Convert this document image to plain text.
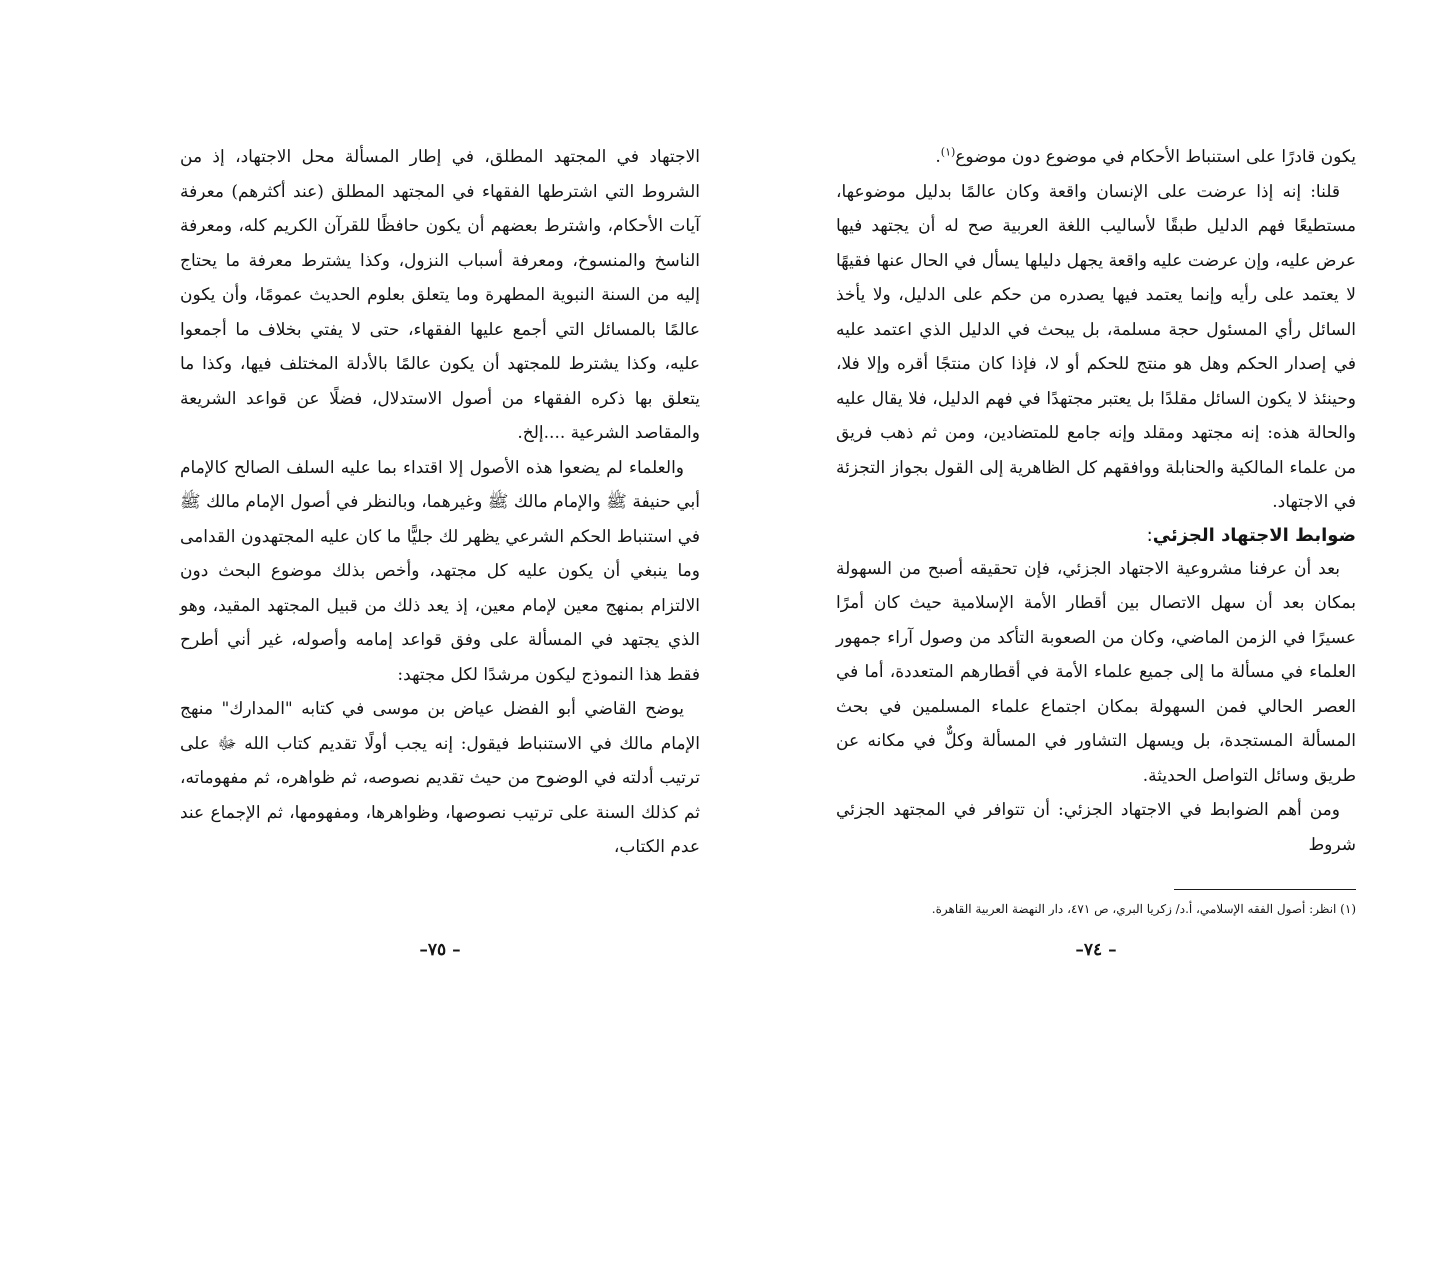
يكون قادرًا على استنباط الأحكام في موضوع دون موضوع$^{(١)}$.

قلنا: إنه إذا عرضت على الإنسان واقعة وكان عالمًا بدليل موضوعها، مستطيعًا فهم الدليل طبقًا لأساليب اللغة العربية صح له أن يجتهد فيها عرض عليه، وإن عرضت عليه واقعة يجهل دليلها يسأل في الحال عنها فقيهًا لا يعتمد على رأيه وإنما يعتمد فيها يصدره من حكم على الدليل، ولا يأخذ السائل رأي المسئول حجة مسلمة، بل يبحث في الدليل الذي اعتمد عليه في إصدار الحكم وهل هو منتج للحكم أو لا، فإذا كان منتجًا أقره وإلا فلا، وحينئذ لا يكون السائل مقلدًا بل يعتبر مجتهدًا في فهم الدليل، فلا يقال عليه والحالة هذه: إنه مجتهد ومقلد وإنه جامع للمتضادين، ومن ثم ذهب فريق من علماء المالكية والحنابلة ووافقهم كل الظاهرية إلى القول بجواز التجزئة في الاجتهاد.

ضوابط الاجتهاد الجزئي:

بعد أن عرفنا مشروعية الاجتهاد الجزئي، فإن تحقيقه أصبح من السهولة بمكان بعد أن سهل الاتصال بين أقطار الأمة الإسلامية حيث كان أمرًا عسيرًا في الزمن الماضي، وكان من الصعوبة التأكد من وصول آراء جمهور العلماء في مسألة ما إلى جميع علماء الأمة في أقطارهم المتعددة، أما في العصر الحالي فمن السهولة بمكان اجتماع علماء المسلمين في بحث المسألة المستجدة، بل ويسهل التشاور في المسألة وكلٌّ في مكانه عن طريق وسائل التواصل الحديثة.

ومن أهم الضوابط في الاجتهاد الجزئي: أن تتوافر في المجتهد الجزئي شروط

(١) انظر: أصول الفقه الإسلامي، أ.د/ زكريا البري، ص ٤٧١، دار النهضة العربية القاهرة.

–٧٤ –

الاجتهاد في المجتهد المطلق، في إطار المسألة محل الاجتهاد، إذ من الشروط التي اشترطها الفقهاء في المجتهد المطلق (عند أكثرهم) معرفة آيات الأحكام، واشترط بعضهم أن يكون حافظًا للقرآن الكريم كله، ومعرفة الناسخ والمنسوخ، ومعرفة أسباب النزول، وكذا يشترط معرفة ما يحتاج إليه من السنة النبوية المطهرة وما يتعلق بعلوم الحديث عمومًا، وأن يكون عالمًا بالمسائل التي أجمع عليها الفقهاء، حتى لا يفتي بخلاف ما أجمعوا عليه، وكذا يشترط للمجتهد أن يكون عالمًا بالأدلة المختلف فيها، وكذا ما يتعلق بها ذكره الفقهاء من أصول الاستدلال، فضلًا عن قواعد الشريعة والمقاصد الشرعية ....إلخ.

والعلماء لم يضعوا هذه الأصول إلا اقتداء بما عليه السلف الصالح كالإمام أبي حنيفة ﷺ والإمام مالك ﷺ وغيرهما، وبالنظر في أصول الإمام مالك ﷺ في استنباط الحكم الشرعي يظهر لك جليًّا ما كان عليه المجتهدون القدامى وما ينبغي أن يكون عليه كل مجتهد، وأخص بذلك موضوع البحث دون الالتزام بمنهج معين لإمام معين، إذ يعد ذلك من قبيل المجتهد المقيد، وهو الذي يجتهد في المسألة على وفق قواعد إمامه وأصوله، غير أني أطرح فقط هذا النموذج ليكون مرشدًا لكل مجتهد:

يوضح القاضي أبو الفضل عياض بن موسى في كتابه "المدارك" منهج الإمام مالك في الاستنباط فيقول: إنه يجب أولًا تقديم كتاب الله ﷻ على ترتيب أدلته في الوضوح من حيث تقديم نصوصه، ثم ظواهره، ثم مفهوماته، ثم كذلك السنة على ترتيب نصوصها، وظواهرها، ومفهومها، ثم الإجماع عند عدم الكتاب،

–٧٥ –
